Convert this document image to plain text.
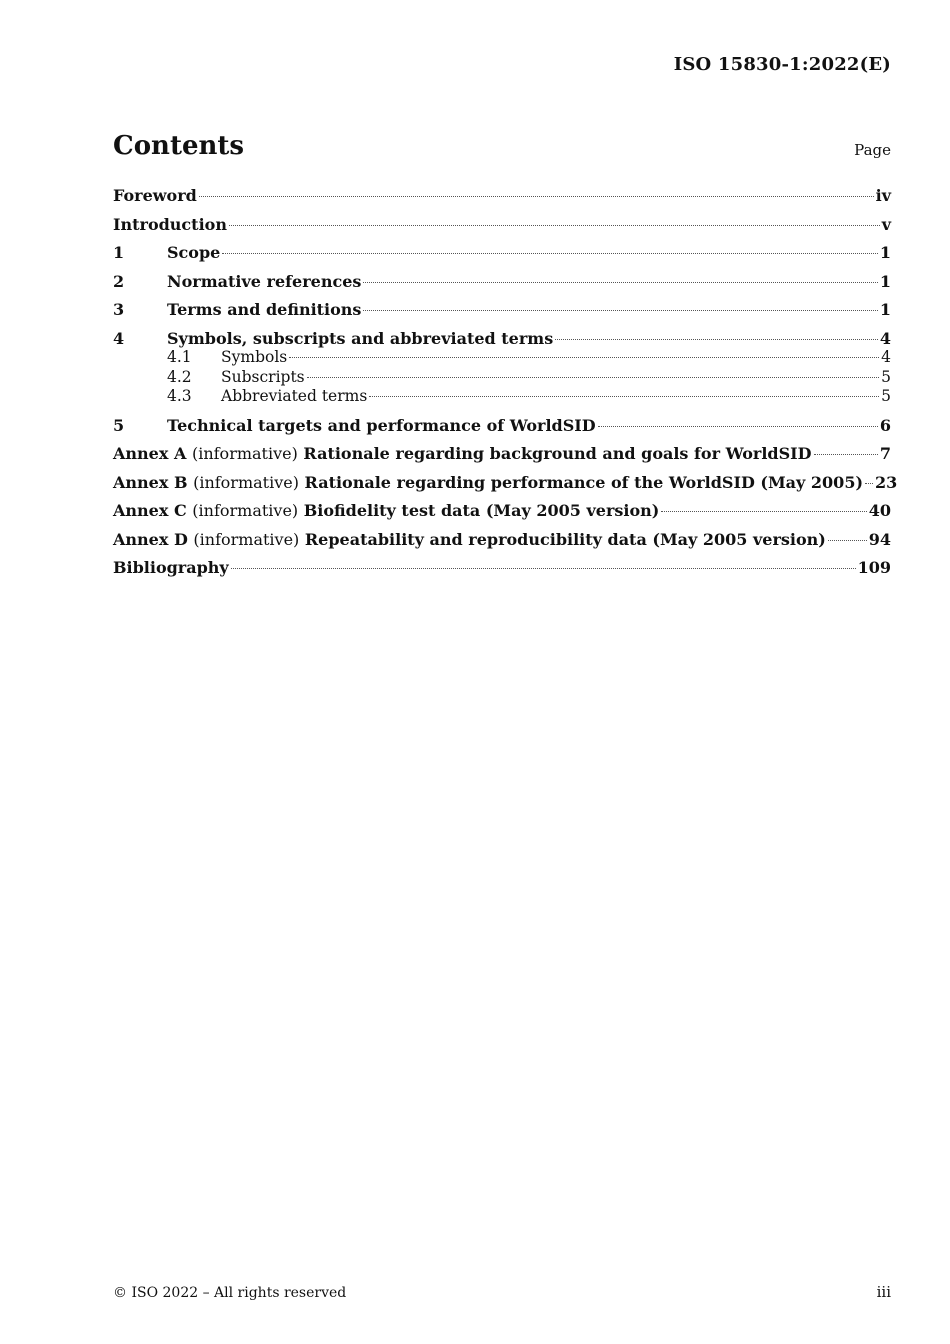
ISO 15830-1:2022(E)
Contents	Page
Foreword	iv
Introduction	v
1	Scope	1
2	Normative references	1
3	Terms and definitions	1
4	Symbols, subscripts and abbreviated terms	4
4.1	Symbols	4
4.2	Subscripts	5
4.3	Abbreviated terms	5
5	Technical targets and performance of WorldSID	6
Annex A (informative) Rationale regarding background and goals for WorldSID	7
Annex B (informative) Rationale regarding performance of the WorldSID (May 2005) 23
Annex C (informative) Biofidelity test data (May 2005 version)	40
Annex D (informative) Repeatability and reproducibility data (May 2005 version)	94
Bibliography	109
© ISO 2022 – All rights reserved	iii
